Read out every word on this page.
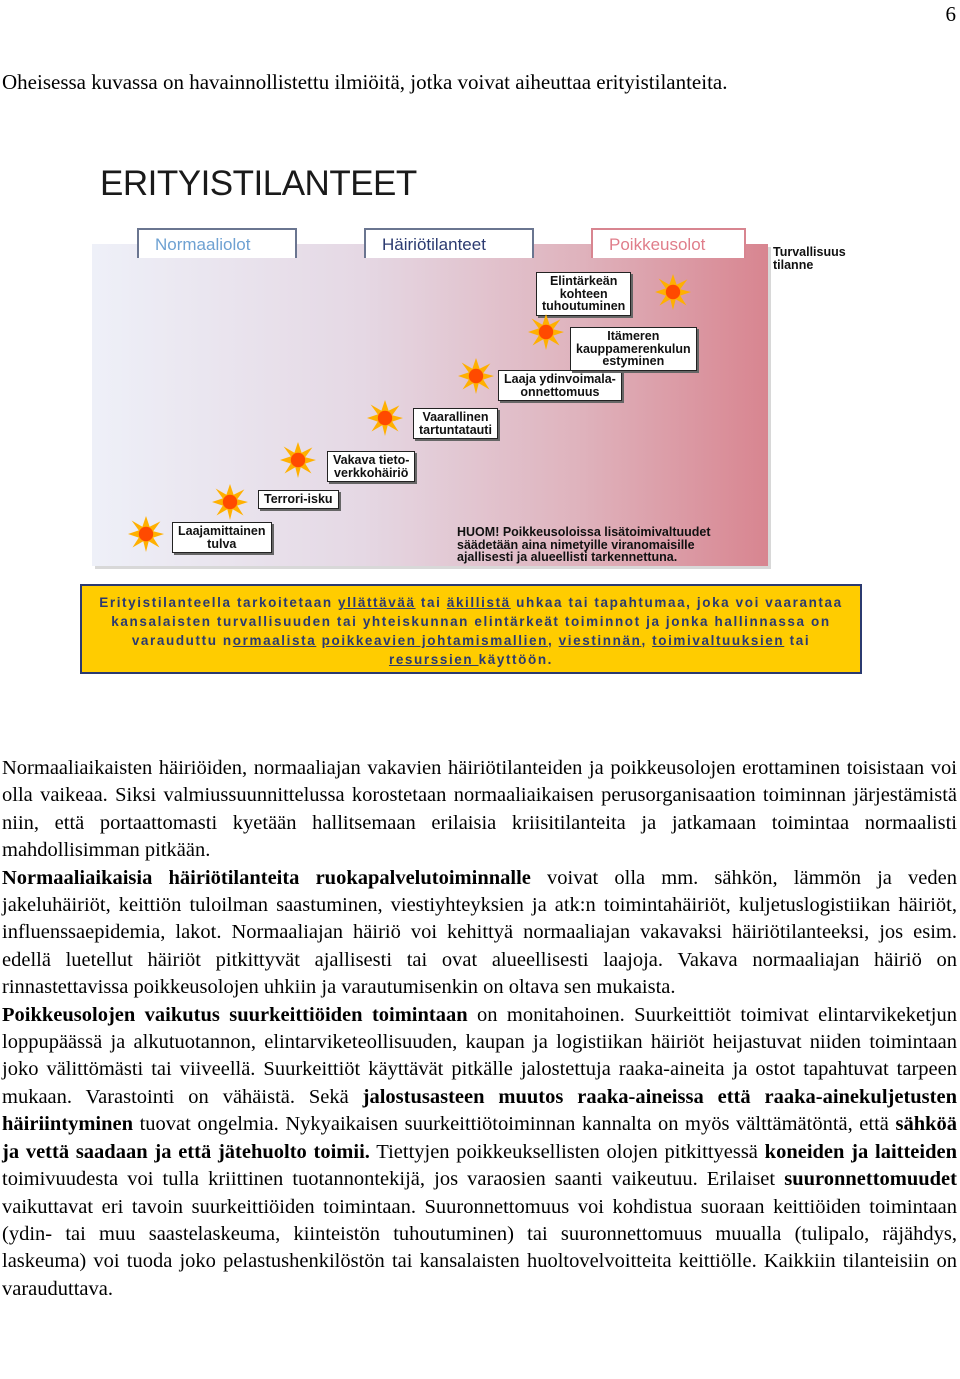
6
Oheisessa kuvassa on havainnollistettu ilmiöitä, jotka voivat aiheuttaa erityistilanteita.
ERITYISTILANTEET
Normaaliolot	Häiriötilanteet	Poikkeusolot	Turvallisuus
tilanne
Laajamittainen
tulva
Terrori-isku
Vakava tieto-
verkkohäiriö
Vaarallinen
tartuntatauti
Laaja ydinvoimala-
onnettomuus
Itämeren
kauppamerenkulun
estyminen
Elintärkeän
kohteen
tuhoutuminen
HUOM! Poikkeusoloissa lisätoimivaltuudet
säädetään aina nimetyille viranomaisille
ajallisesti ja alueellisti tarkennettuna.
Erityistilanteella tarkoitetaan yllättävää tai äkillistä uhkaa tai tapahtumaa, joka voi vaarantaa kansalaisten turvallisuuden tai yhteiskunnan elintärkeät toiminnot ja jonka hallinnassa on varauduttu normaalista poikkeavien johtamismallien, viestinnän, toimivaltuuksien tai resurssien käyttöön.

Normaaliaikaisten häiriöiden, normaaliajan vakavien häiriötilanteiden ja poikkeusolojen erottaminen toisistaan voi olla vaikeaa. Siksi valmiussuunnittelussa korostetaan normaaliaikaisen perusorganisaation toiminnan järjestämistä niin, että portaattomasti kyetään hallitsemaan erilaisia kriisitilanteita ja jatkamaan toimintaa normaalisti mahdollisimman pitkään.

Normaaliaikaisia häiriötilanteita ruokapalvelutoiminnalle voivat olla mm. sähkön, lämmön ja veden jakeluhäiriöt, keittiön tuloilman saastuminen, viestiyhteyksien ja atk:n toimintahäiriöt, kuljetuslogistiikan häiriöt, influenssaepidemia, lakot. Normaaliajan häiriö voi kehittyä normaaliajan vakavaksi häiriötilanteeksi, jos esim. edellä luetellut häiriöt pitkittyvät ajallisesti tai ovat alueellisesti laajoja. Vakava normaaliajan häiriö on rinnastettavissa poikkeusolojen uhkiin ja varautumisenkin on oltava sen mukaista.

Poikkeusolojen vaikutus suurkeittiöiden toimintaan on monitahoinen. Suurkeittiöt toimivat elintarvikeketjun loppupäässä ja alkutuotannon, elintarviketeollisuuden, kaupan ja logistiikan häiriöt heijastuvat niiden toimintaan joko välittömästi tai viiveellä. Suurkeittiöt käyttävät pitkälle jalostettuja raaka-aineita ja ostot tapahtuvat tarpeen mukaan. Varastointi on vähäistä. Sekä jalostusasteen muutos raaka-aineissa että raaka-ainekuljetusten häiriintyminen tuovat ongelmia. Nykyaikaisen suurkeittiötoiminnan kannalta on myös välttämätöntä, että sähköä ja vettä saadaan ja että jätehuolto toimii. Tiettyjen poikkeuksellisten olojen pitkittyessä koneiden ja laitteiden toimivuudesta voi tulla kriittinen tuotannontekijä, jos varaosien saanti vaikeutuu. Erilaiset suuronnettomuudet vaikuttavat eri tavoin suurkeittiöiden toimintaan. Suuronnettomuus voi kohdistua suoraan keittiöiden toimintaan (ydin- tai muu saastelaskeuma, kiinteistön tuhoutuminen) tai suuronnettomuus muualla (tulipalo, räjähdys, laskeuma) voi tuoda joko pelastushenkilöstön tai kansalaisten huoltovelvoitteita keittiölle. Kaikkiin tilanteisiin on varauduttava.
